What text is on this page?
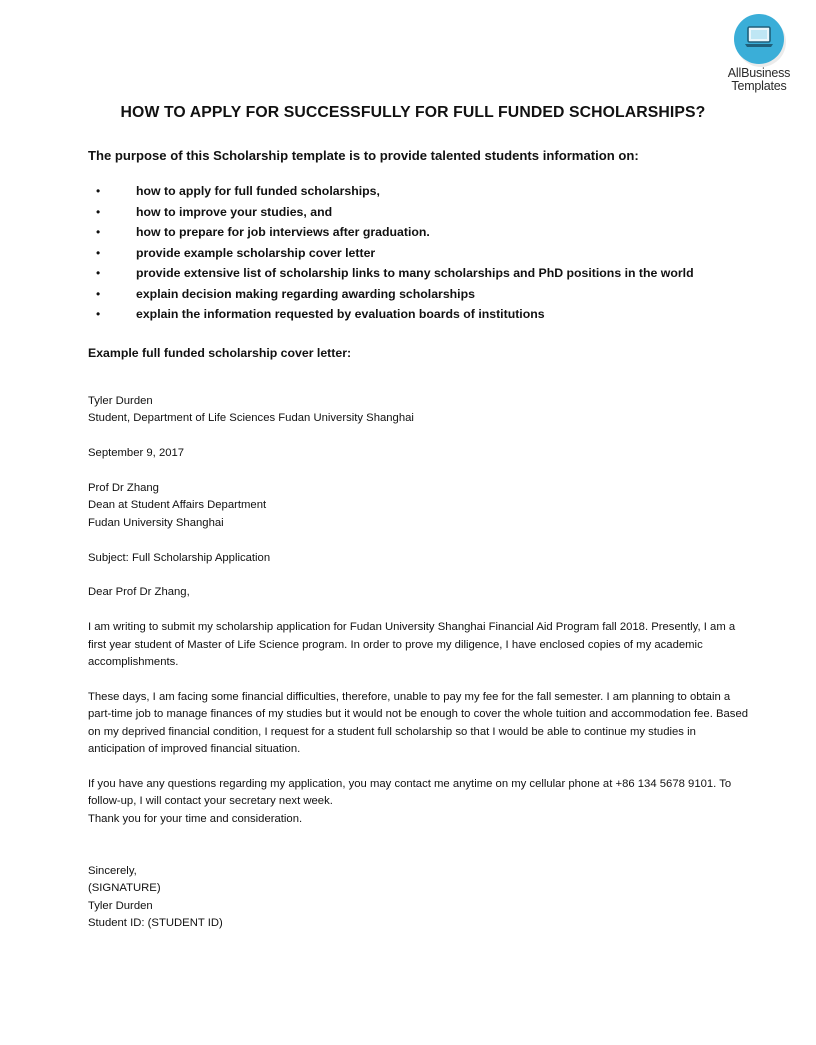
AllBusiness
Templates
HOW TO APPLY FOR SUCCESSFULLY FOR FULL FUNDED SCHOLARSHIPS?
The purpose of this Scholarship template is to provide talented students information on:
•	how to apply for full funded scholarships,
•	how to improve your studies, and
•	how to prepare for job interviews after graduation.
•	provide example scholarship cover letter
•	provide extensive list of scholarship links to many scholarships and PhD positions in the world
•	explain decision making regarding awarding scholarships
•	explain the information requested by evaluation boards of institutions
Example full funded scholarship cover letter:

Tyler Durden
Student, Department of Life Sciences Fudan University Shanghai

September 9, 2017

Prof Dr Zhang
Dean at Student Affairs Department
Fudan University Shanghai

Subject: Full Scholarship Application

Dear Prof Dr Zhang,

I am writing to submit my scholarship application for Fudan University Shanghai Financial Aid Program fall 2018. Presently, I am a first year student of Master of Life Science program. In order to prove my diligence, I have enclosed copies of my academic accomplishments.

These days, I am facing some financial difficulties, therefore, unable to pay my fee for the fall semester. I am planning to obtain a part-time job to manage finances of my studies but it would not be enough to cover the whole tuition and accommodation fee. Based on my deprived financial condition, I request for a student full scholarship so that I would be able to continue my studies in anticipation of improved financial situation.

If you have any questions regarding my application, you may contact me anytime on my cellular phone at +86 134 5678 9101. To follow-up, I will contact your secretary next week.
Thank you for your time and consideration.

Sincerely,
(SIGNATURE)
Tyler Durden
Student ID: (STUDENT ID)
